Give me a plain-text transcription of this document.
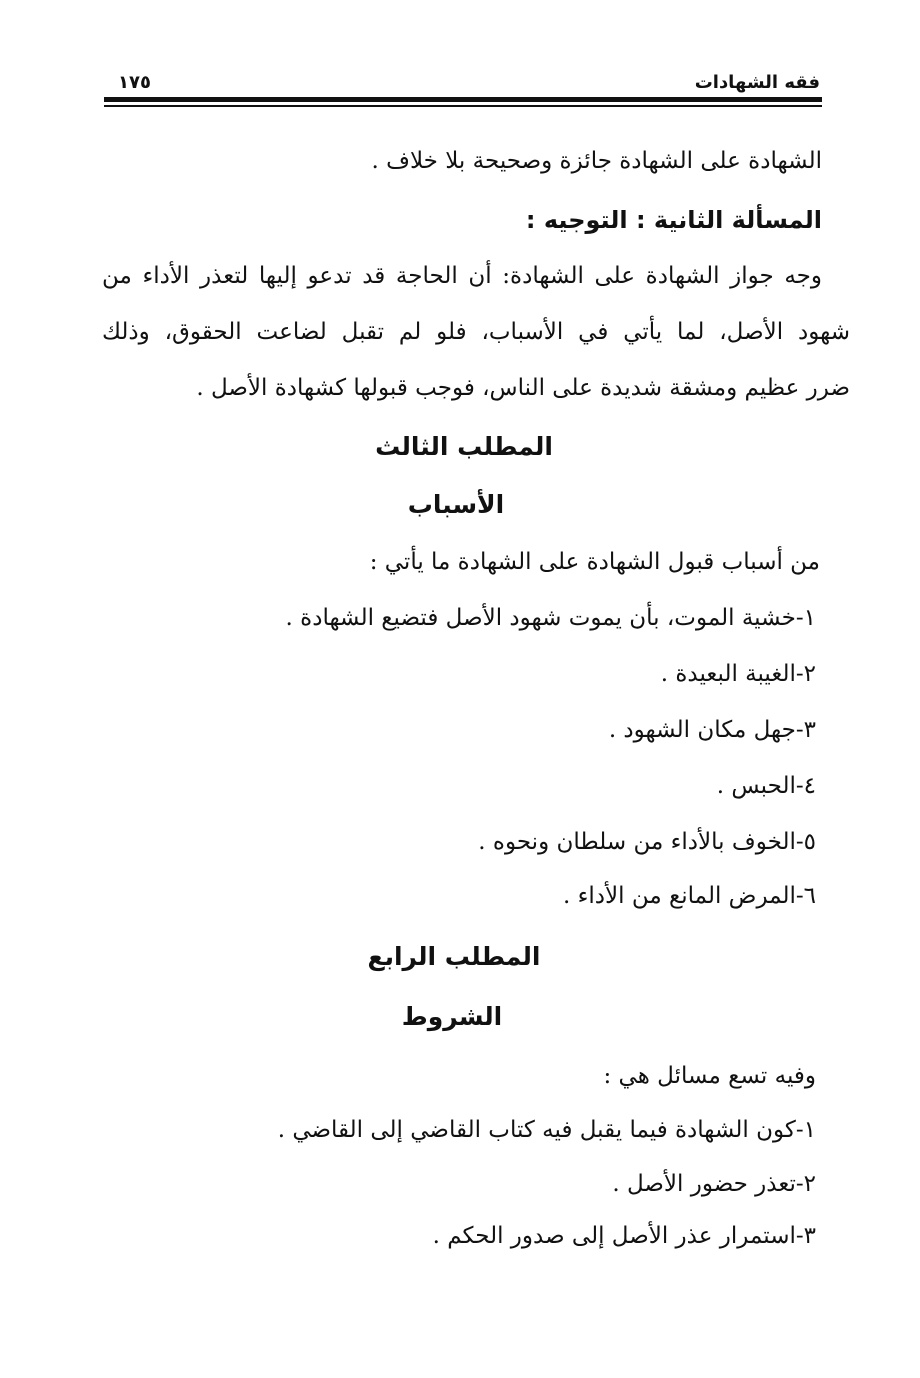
فقه الشهادات
١٧٥
الشهادة على الشهادة جائزة وصحيحة بلا خلاف .
المسألة الثانية : التوجيه :
وجه جواز الشهادة على الشهادة: أن الحاجة قد تدعو إليها لتعذر الأداء من
شهود الأصل، لما يأتي في الأسباب، فلو لم تقبل لضاعت الحقوق، وذلك
ضرر عظيم ومشقة شديدة على الناس، فوجب قبولها كشهادة الأصل .
المطلب الثالث
الأسباب
من أسباب قبول الشهادة على الشهادة ما يأتي :
١-خشية الموت، بأن يموت شهود الأصل فتضيع الشهادة .
٢-الغيبة البعيدة .
٣-جهل مكان الشهود .
٤-الحبس .
٥-الخوف بالأداء من سلطان ونحوه .
٦-المرض المانع من الأداء .
المطلب الرابع
الشروط
وفيه تسع مسائل هي :
١-كون الشهادة فيما يقبل فيه كتاب القاضي إلى القاضي .
٢-تعذر حضور الأصل .
٣-استمرار عذر الأصل إلى صدور الحكم .
